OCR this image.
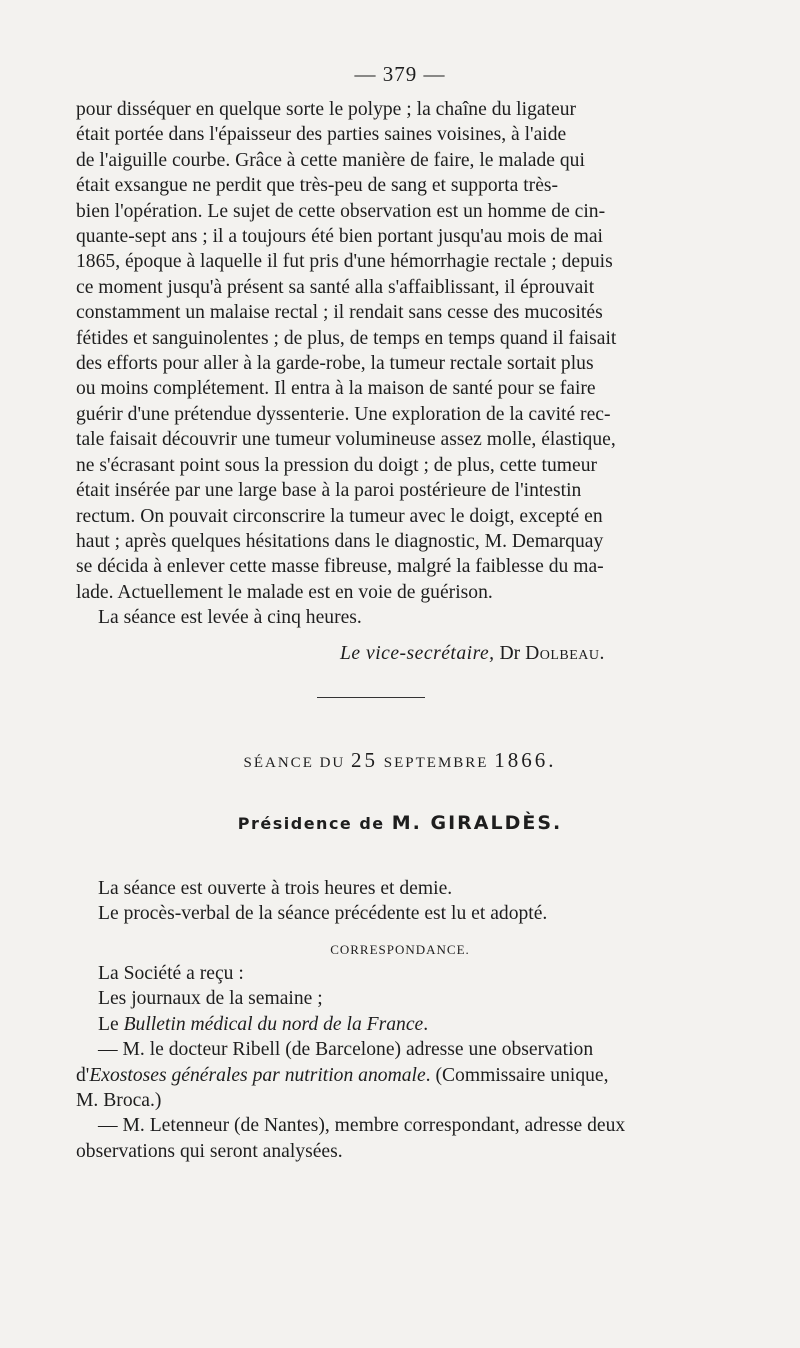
— 379 —

pour disséquer en quelque sorte le polype ; la chaîne du ligateur

était portée dans l'épaisseur des parties saines voisines, à l'aide

de l'aiguille courbe. Grâce à cette manière de faire, le malade qui

était exsangue ne perdit que très-peu de sang et supporta très-

bien l'opération. Le sujet de cette observation est un homme de cin-

quante-sept ans ; il a toujours été bien portant jusqu'au mois de mai

1865, époque à laquelle il fut pris d'une hémorrhagie rectale ; depuis

ce moment jusqu'à présent sa santé alla s'affaiblissant, il éprouvait

constamment un malaise rectal ; il rendait sans cesse des mucosités

fétides et sanguinolentes ; de plus, de temps en temps quand il faisait

des efforts pour aller à la garde-robe, la tumeur rectale sortait plus

ou moins complétement. Il entra à la maison de santé pour se faire

guérir d'une prétendue dyssenterie. Une exploration de la cavité rec-

tale faisait découvrir une tumeur volumineuse assez molle, élastique,

ne s'écrasant point sous la pression du doigt ; de plus, cette tumeur

était insérée par une large base à la paroi postérieure de l'intestin

rectum. On pouvait circonscrire la tumeur avec le doigt, excepté en

haut ; après quelques hésitations dans le diagnostic, M. Demarquay

se décida à enlever cette masse fibreuse, malgré la faiblesse du ma-

lade. Actuellement le malade est en voie de guérison.

La séance est levée à cinq heures.

Le vice-secrétaire, Dr Dolbeau.
SÉANCE DU 25 SEPTEMBRE 1866.
Présidence de M. GIRALDÈS.

La séance est ouverte à trois heures et demie.

Le procès-verbal de la séance précédente est lu et adopté.

CORRESPONDANCE.

La Société a reçu :

Les journaux de la semaine ;

Le Bulletin médical du nord de la France.

— M. le docteur Ribell (de Barcelone) adresse une observation

d'Exostoses générales par nutrition anomale. (Commissaire unique,

M. Broca.)

— M. Letenneur (de Nantes), membre correspondant, adresse deux

observations qui seront analysées.
